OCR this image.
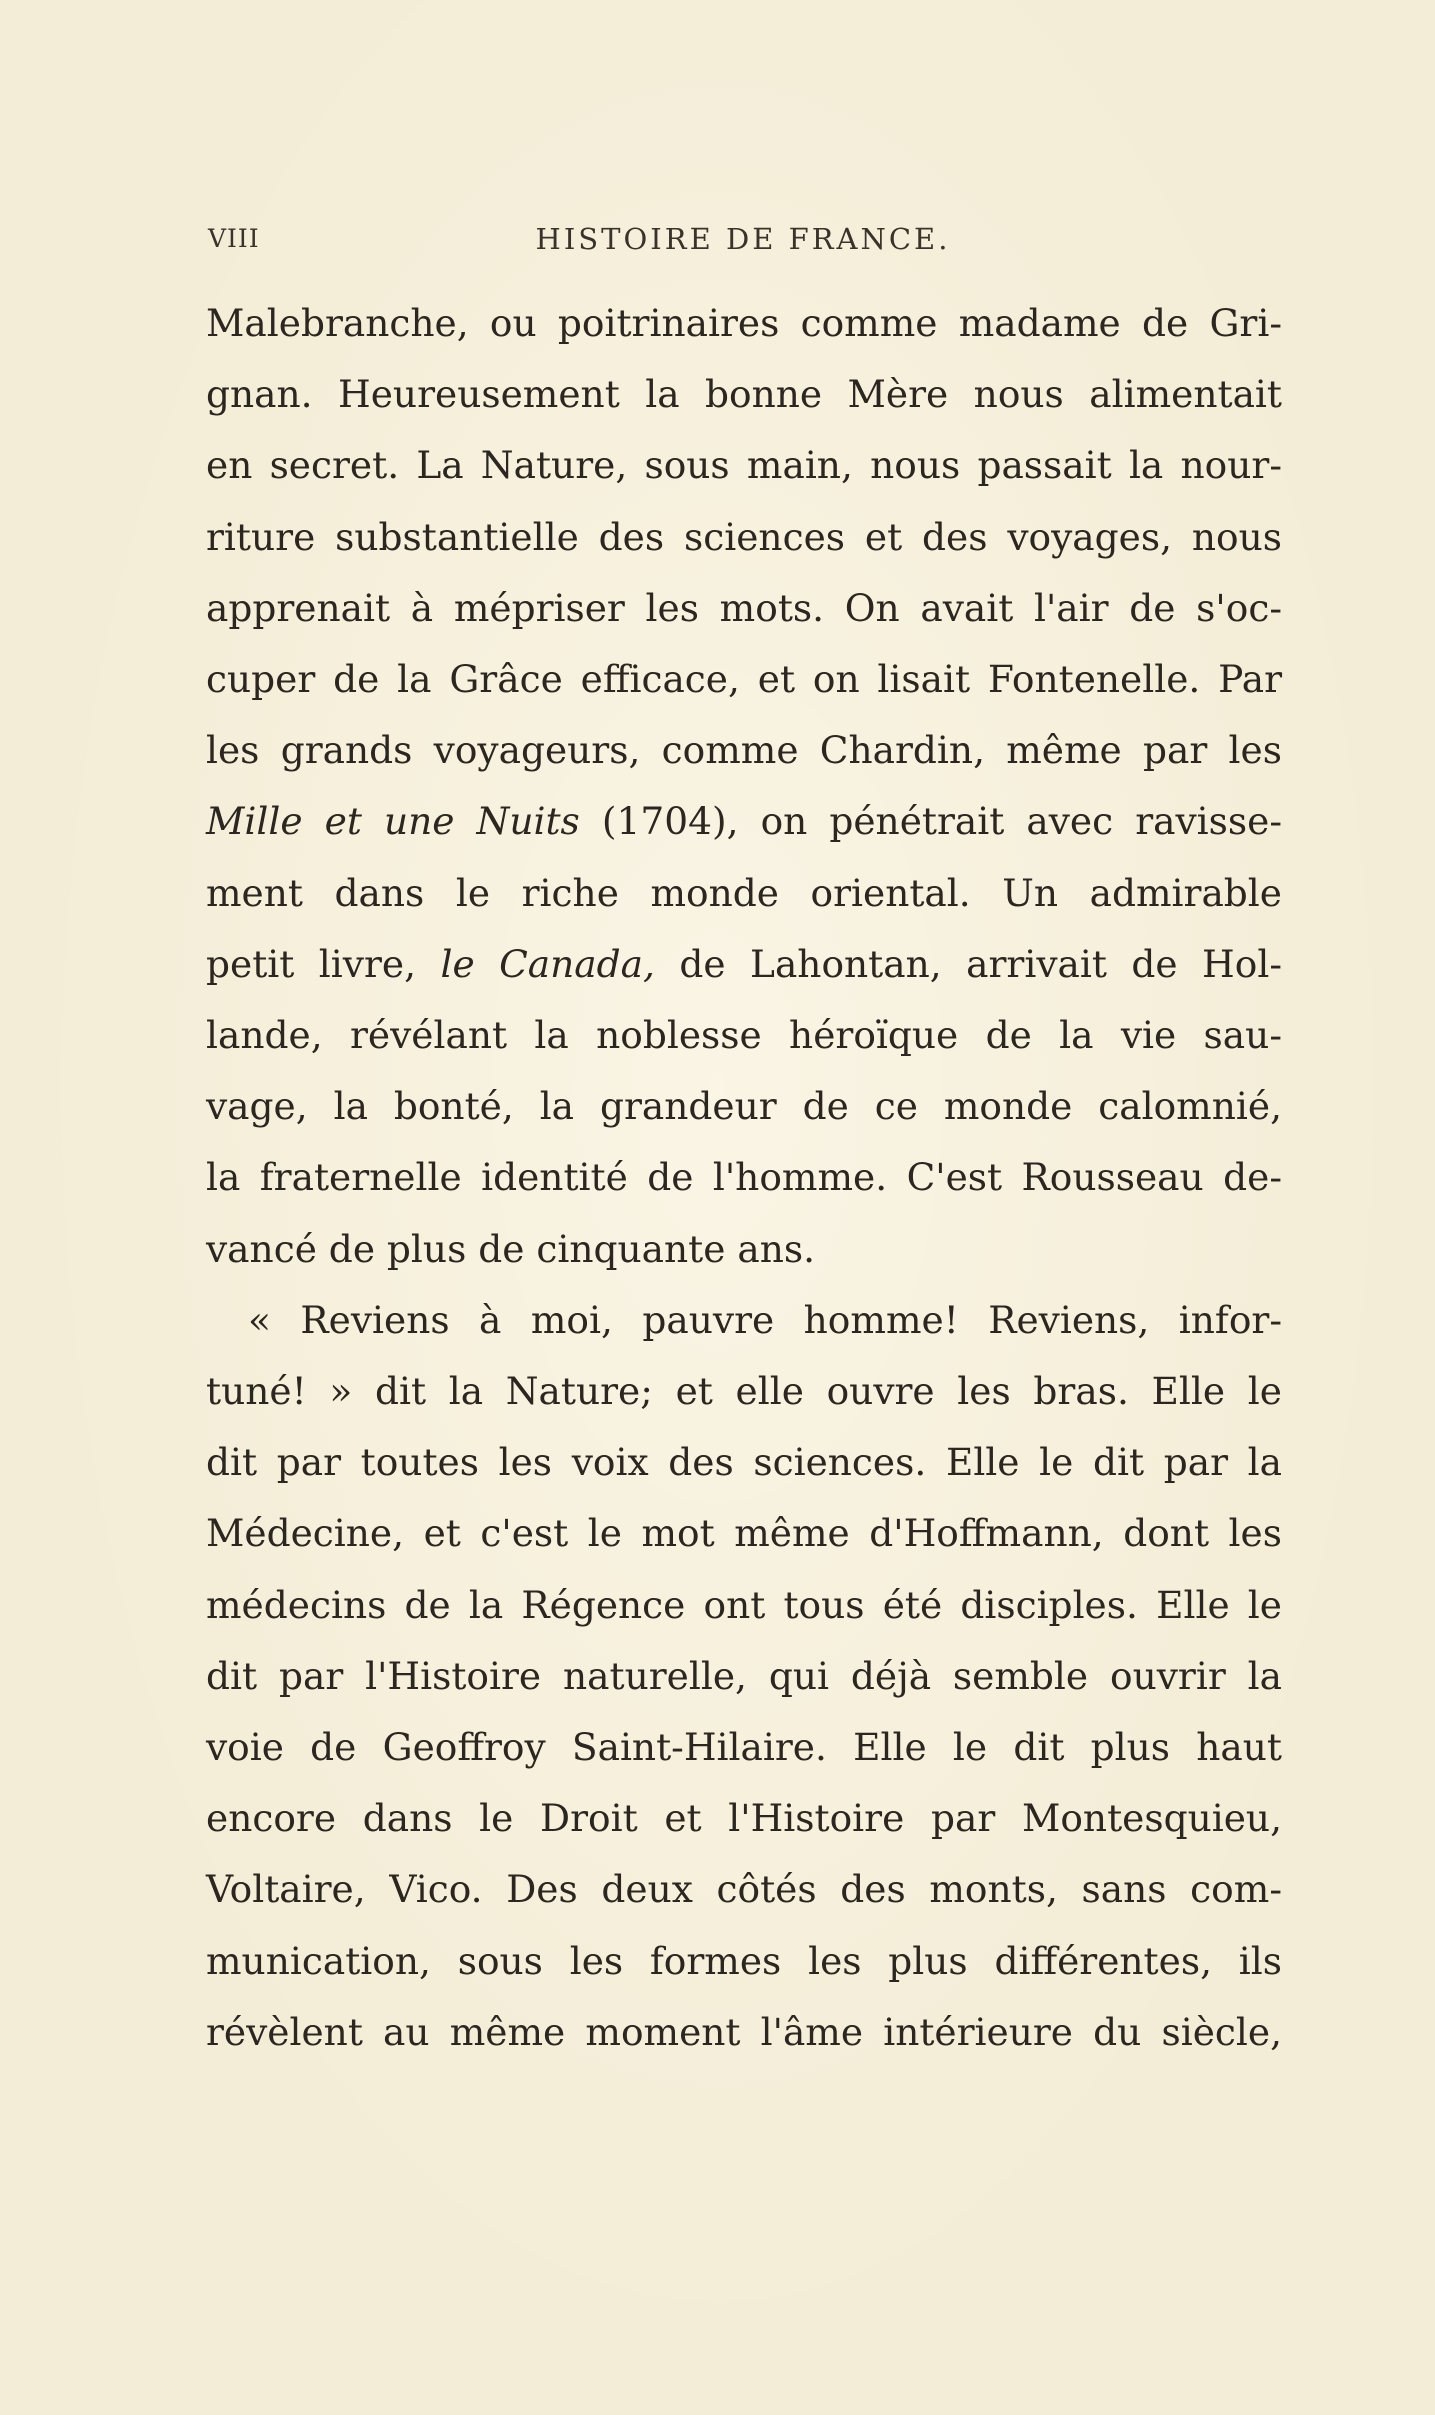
VIII	HISTOIRE DE FRANCE.

Malebranche, ou poitrinaires comme madame de Gri-
gnan. Heureusement la bonne Mère nous alimentait
en secret. La Nature, sous main, nous passait la nour-
riture substantielle des sciences et des voyages, nous
apprenait à mépriser les mots. On avait l'air de s'oc-
cuper de la Grâce efficace, et on lisait Fontenelle. Par
les grands voyageurs, comme Chardin, même par les
Mille et une Nuits (1704), on pénétrait avec ravisse-
ment dans le riche monde oriental. Un admirable
petit livre, le Canada, de Lahontan, arrivait de Hol-
lande, révélant la noblesse héroïque de la vie sau-
vage, la bonté, la grandeur de ce monde calomnié,
la fraternelle identité de l'homme. C'est Rousseau de-
vancé de plus de cinquante ans.

« Reviens à moi, pauvre homme! Reviens, infor-
tuné! » dit la Nature; et elle ouvre les bras. Elle le
dit par toutes les voix des sciences. Elle le dit par la
Médecine, et c'est le mot même d'Hoffmann, dont les
médecins de la Régence ont tous été disciples. Elle le
dit par l'Histoire naturelle, qui déjà semble ouvrir la
voie de Geoffroy Saint-Hilaire. Elle le dit plus haut
encore dans le Droit et l'Histoire par Montesquieu,
Voltaire, Vico. Des deux côtés des monts, sans com-
munication, sous les formes les plus différentes, ils
révèlent au même moment l'âme intérieure du siècle,
